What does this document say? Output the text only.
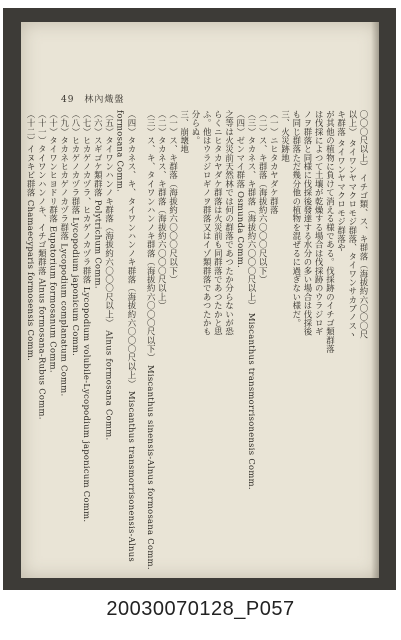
49 林內熾盤

〇〇〇尺以上） イチゴ類、ス、キ群落（海拔約六〇〇〇尺

以上） タイワンヤマクロモジ群落、タイワンサカブノスヽ

キ群落 タイワンヤマクロモジ群落や

が其他の植物に負けて消える様である。伐採跡のイチゴ類群落

は伐採によつて土壤が乾燥する場合は伐採跡のウラジロギ

ノヲ群落と同様に伐採後發達する水分の多い場合は伐採後

も同じ群落ただ幾分他の植物を混ぜるに過ぎない様だ。

三、火災跡地

（一）ニヒタカヤダケ群落

（二）ス、キ群落（海拔約六〇〇〇尺以下）

（三）タカネス、キ群落（海拔約六〇〇〇尺以上） Miscanthus transmorrisonensis Comm.

（四）ゼンマイ群落 Osmunda Comm.

之等は火災前天然林では何の群落であつたか分らないが恐

らくニヒタカヤダケ群落は火災前も同群落であつたかと思

ふ。他はウラジロギノヲ群落又はイゾ類群落であつたかも

分らぬ。

三、崩壊地

（一）ス、キ群落（海拔約六〇〇〇尺以下）

（二）タカネス、キ群落（海拔約六〇〇〇尺以上）

（三）ス、キ、タイワンハンノキ群落（海拔約六〇〇〇尺以下） Miscanthus sinensis-Alnus formosana Comm.

（四）タカネス、キ、タイワンハンノキ群落（海拔約六〇〇〇尺以上） Miscanthus transmorrisonensis-Alnus formosana Comm.

（五）タイワンハンノキ群落（海拔約六〇〇〇尺以上） Alnus formosana Comm.

（六）スギゴケ類群落 Polytrichum Comm.

（七）ヒカゲノカヅラ、ヒカゲノカヅラ群落 Lycopodium volubile-Lycopodium japonicum Comm.

（八）ヒカゲノカヅラ群落 Lycopodium japonicum Comm.

（九）タカネヒカゲノカヅラ群落 Lycopodium complanatum Comm.

（十）タイワンヒヨドリ群落 Eupatorium formosanum Comm.

（十一）タイワンハンノキ、イチゴ類群落 Alnus formosana-Rubus Comm.

（十二）イヌキビ群落 Chamaecyparis formosensis Comm.

20030070128_P057
